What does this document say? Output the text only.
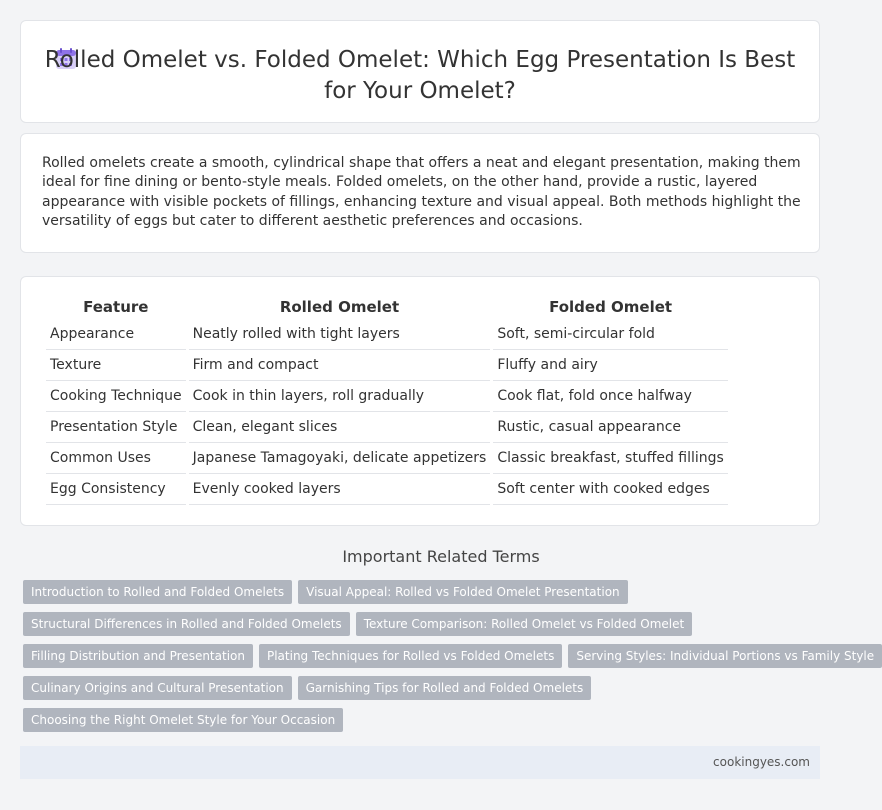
Rolled Omelet vs. Folded Omelet: Which Egg Presentation Is Best
for Your Omelet?

Rolled omelets create a smooth, cylindrical shape that offers a neat and elegant presentation, making them ideal for fine dining or bento-style meals. Folded omelets, on the other hand, provide a rustic, layered appearance with visible pockets of fillings, enhancing texture and visual appeal. Both methods highlight the versatility of eggs but cater to different aesthetic preferences and occasions.

Feature	Rolled Omelet	Folded Omelet
Appearance	Neatly rolled with tight layers	Soft, semi-circular fold
Texture	Firm and compact	Fluffy and airy
Cooking Technique	Cook in thin layers, roll gradually	Cook flat, fold once halfway
Presentation Style	Clean, elegant slices	Rustic, casual appearance
Common Uses	Japanese Tamagoyaki, delicate appetizers	Classic breakfast, stuffed fillings
Egg Consistency	Evenly cooked layers	Soft center with cooked edges
Important Related Terms
Introduction to Rolled and Folded Omelets	Visual Appeal: Rolled vs Folded Omelet Presentation
Structural Differences in Rolled and Folded Omelets	Texture Comparison: Rolled Omelet vs Folded Omelet
Filling Distribution and Presentation	Plating Techniques for Rolled vs Folded Omelets	Serving Styles: Individual Portions vs Family Style
Culinary Origins and Cultural Presentation	Garnishing Tips for Rolled and Folded Omelets
Choosing the Right Omelet Style for Your Occasion
cookingyes.com
